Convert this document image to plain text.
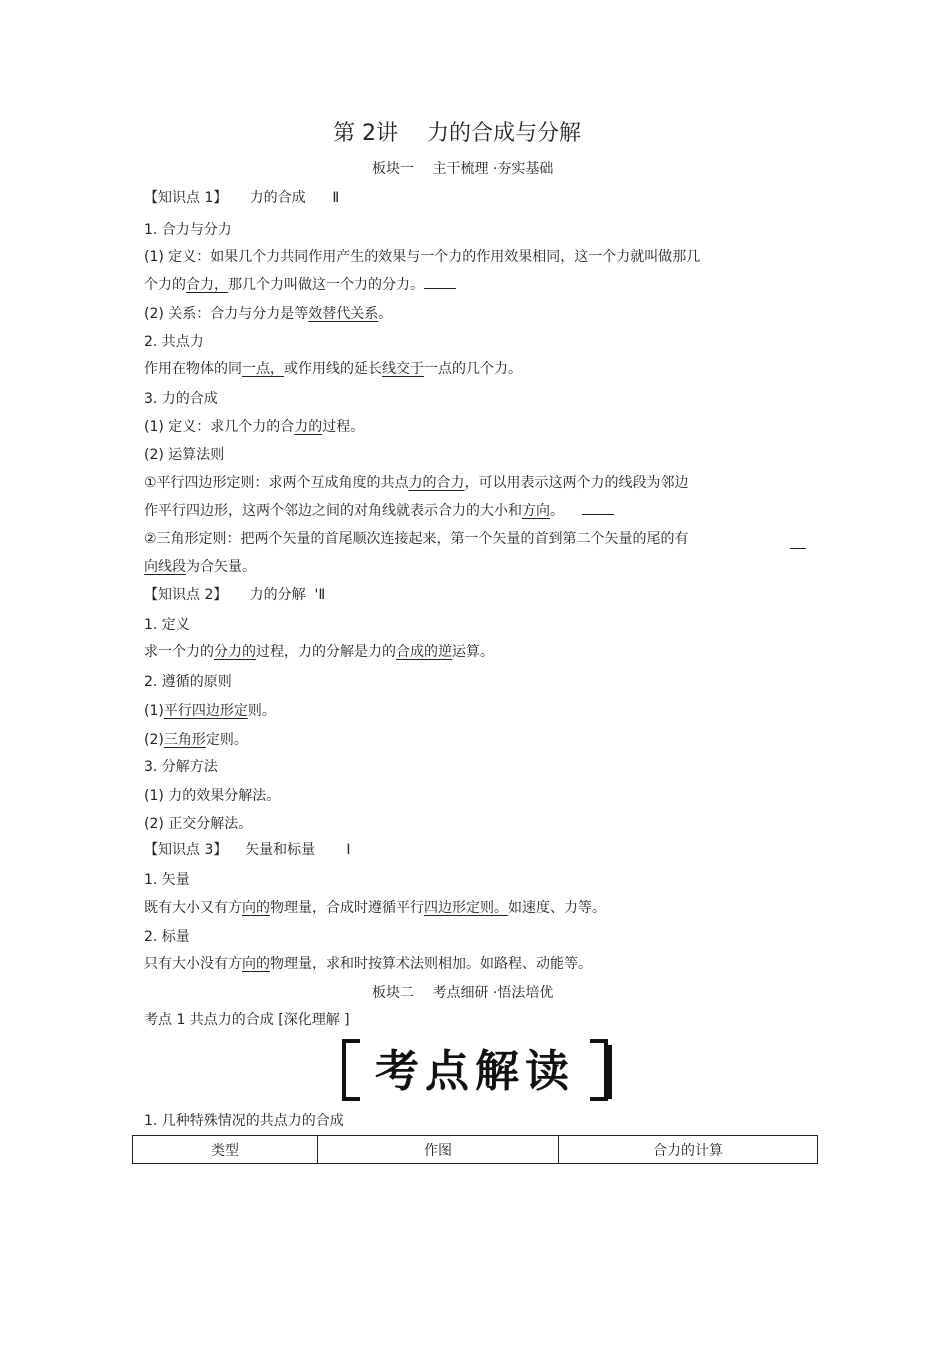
第 2讲　 力的合成与分解
板块一　 主干梳理 ·夯实基础
【知识点 1】 力的合成 Ⅱ
1. 合力与分力
(1) 定义：如果几个力共同作用产生的效果与一个力的作用效果相同，这一个力就叫做那几
个力的合力，那几个力叫做这一个力的分力。
(2) 关系：合力与分力是等效替代关系。
2. 共点力
作用在物体的同一点，或作用线的延长线交于一点的几个力。
3. 力的合成
(1) 定义：求几个力的合力的过程。
(2) 运算法则
①平行四边形定则：求两个互成角度的共点力的合力，可以用表示这两个力的线段为邻边
作平行四边形，这两个邻边之间的对角线就表示合力的大小和方向。
②三角形定则：把两个矢量的首尾顺次连接起来，第一个矢量的首到第二个矢量的尾的有
向线段为合矢量。
【知识点 2】 力的分解 'Ⅱ
1. 定义
求一个力的分力的过程，力的分解是力的合成的逆运算。
2. 遵循的原则
(1)平行四边形定则。
(2)三角形定则。
3. 分解方法
(1) 力的效果分解法。
(2) 正交分解法。
【知识点 3】 矢量和标量 Ⅰ
1. 矢量
既有大小又有方向的物理量，合成时遵循平行四边形定则。如速度、力等。
2. 标量
只有大小没有方向的物理量，求和时按算术法则相加。如路程、动能等。
板块二　 考点细研 ·悟法培优
考点 1 共点力的合成 [深化理解 ]
考点解读
1. 几种特殊情况的共点力的合成
类型	作图	合力的计算
